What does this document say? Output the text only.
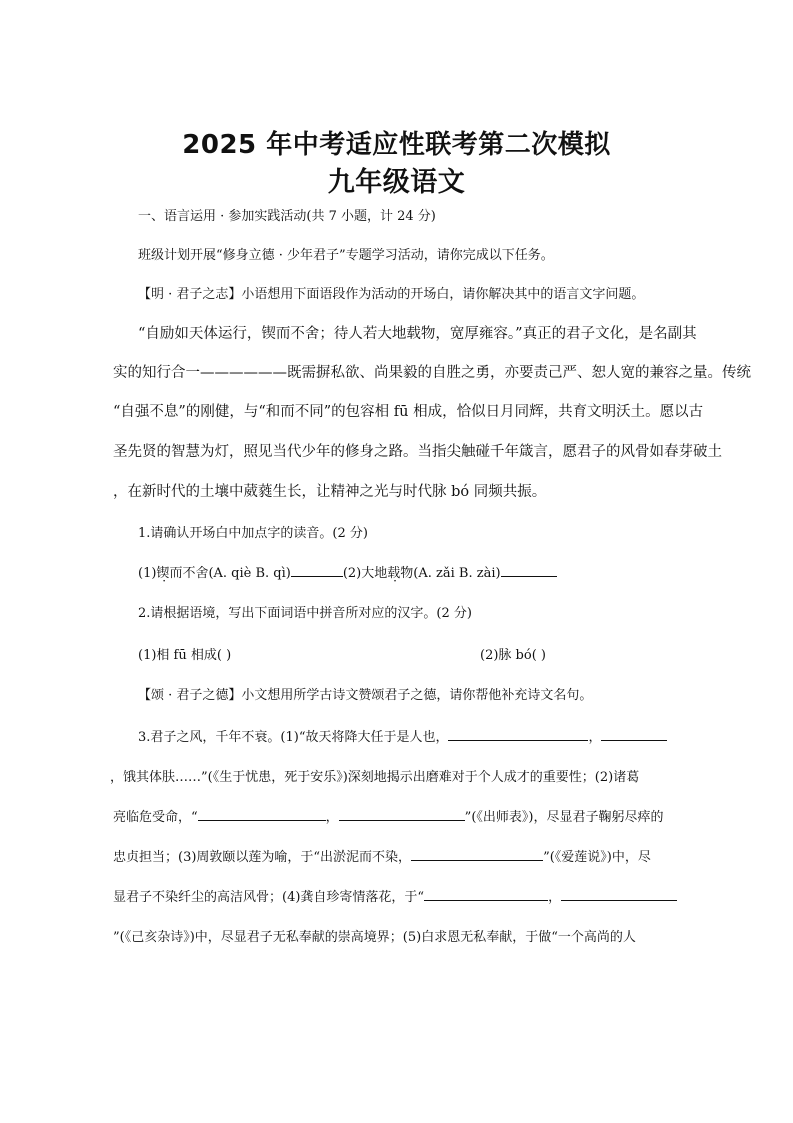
2025 年中考适应性联考第二次模拟
九年级语文
一、语言运用 · 参加实践活动(共 7 小题，计 24 分)
班级计划开展“修身立德 · 少年君子”专题学习活动，请你完成以下任务。
【明 · 君子之志】小语想用下面语段作为活动的开场白，请你解决其中的语言文字问题。
“自励如天体运行，锲而不舍；待人若大地载物，宽厚雍容。”真正的君子文化，是名副其
实的知行合一——————既需摒私欲、尚果毅的自胜之勇，亦要责己严、恕人宽的兼容之量。传统
“自强不息”的刚健，与“和而不同”的包容相 fū 相成，恰似日月同辉，共育文明沃土。愿以古
圣先贤的智慧为灯，照见当代少年的修身之路。当指尖触碰千年箴言，愿君子的风骨如春芽破土
，在新时代的土壤中葳蕤生长，让精神之光与时代脉 bó 同频共振。
1.请确认开场白中加点字的读音。(2 分)
(1)锲而不舍(A. qiè B. qì)	(2)大地载物(A. zǎi B. zài)
2.请根据语境，写出下面词语中拼音所对应的汉字。(2 分)
(1)相 fū 相成( )	(2)脉 bó( )
【颂 · 君子之德】小文想用所学古诗文赞颂君子之德，请你帮他补充诗文名句。
3.君子之风，千年不衰。(1)“故天将降大任于是人也，	，
，饿其体肤……”(《生于忧患，死于安乐》)深刻地揭示出磨难对于个人成才的重要性；(2)诸葛
亮临危受命，“	，	”(《出师表》)，尽显君子鞠躬尽瘁的
忠贞担当；(3)周敦颐以莲为喻，于“出淤泥而不染，	”(《爱莲说》)中，尽
显君子不染纤尘的高洁风骨；(4)龚自珍寄情落花，于“	，
”(《己亥杂诗》)中，尽显君子无私奉献的崇高境界；(5)白求恩无私奉献，于做“一个高尚的人
